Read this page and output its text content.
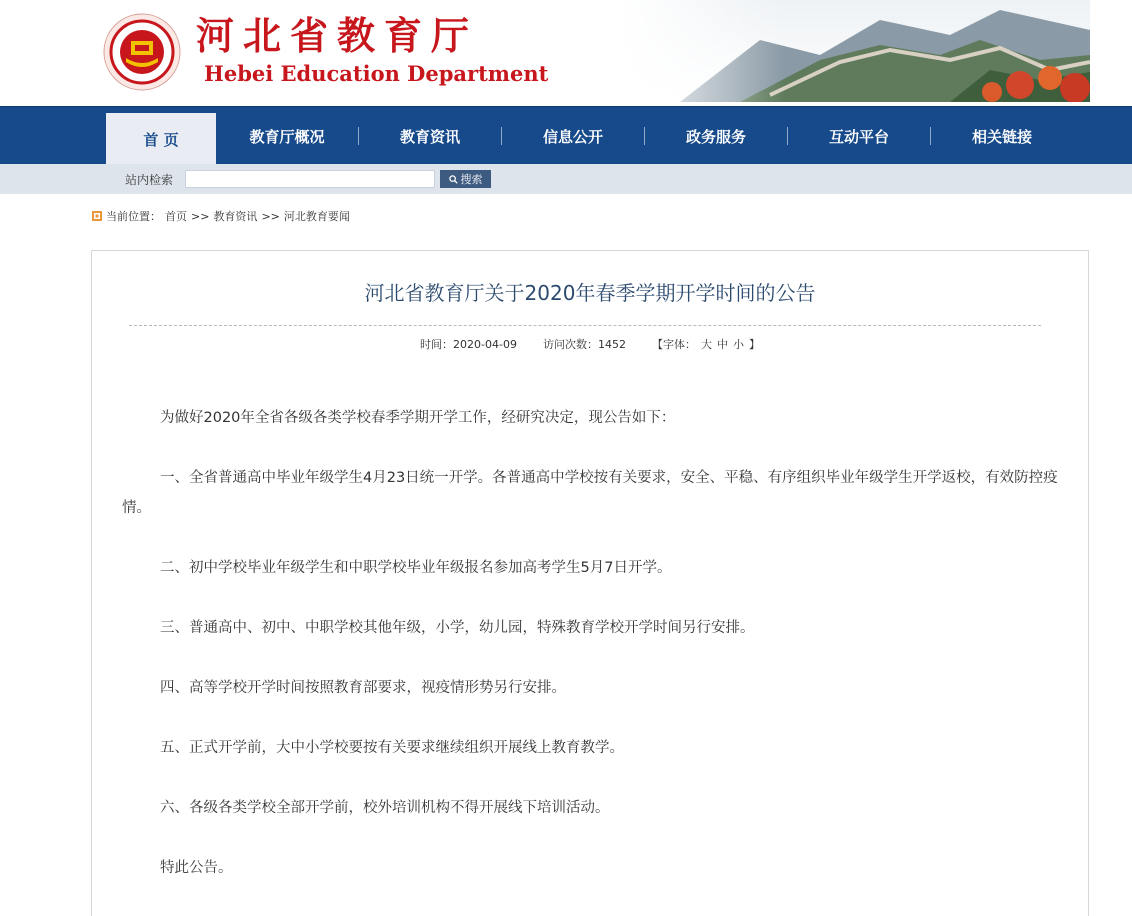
河北省教育厅
Hebei Education Department
首 页	教育厅概况	教育资讯	信息公开	政务服务	互动平台	相关链接
站内检索	搜索
当前位置： 首页 >> 教育资讯 >> 河北教育要闻
河北省教育厅关于2020年春季学期开学时间的公告
时间：2020-04-09 访问次数：1452 【字体： 大 中 小 】

为做好2020年全省各级各类学校春季学期开学工作，经研究决定，现公告如下：

一、全省普通高中毕业年级学生4月23日统一开学。各普通高中学校按有关要求，安全、平稳、有序组织毕业年级学生开学返校，有效防控疫情。

二、初中学校毕业年级学生和中职学校毕业年级报名参加高考学生5月7日开学。

三、普通高中、初中、中职学校其他年级，小学，幼儿园，特殊教育学校开学时间另行安排。

四、高等学校开学时间按照教育部要求，视疫情形势另行安排。

五、正式开学前，大中小学校要按有关要求继续组织开展线上教育教学。

六、各级各类学校全部开学前，校外培训机构不得开展线下培训活动。

特此公告。
